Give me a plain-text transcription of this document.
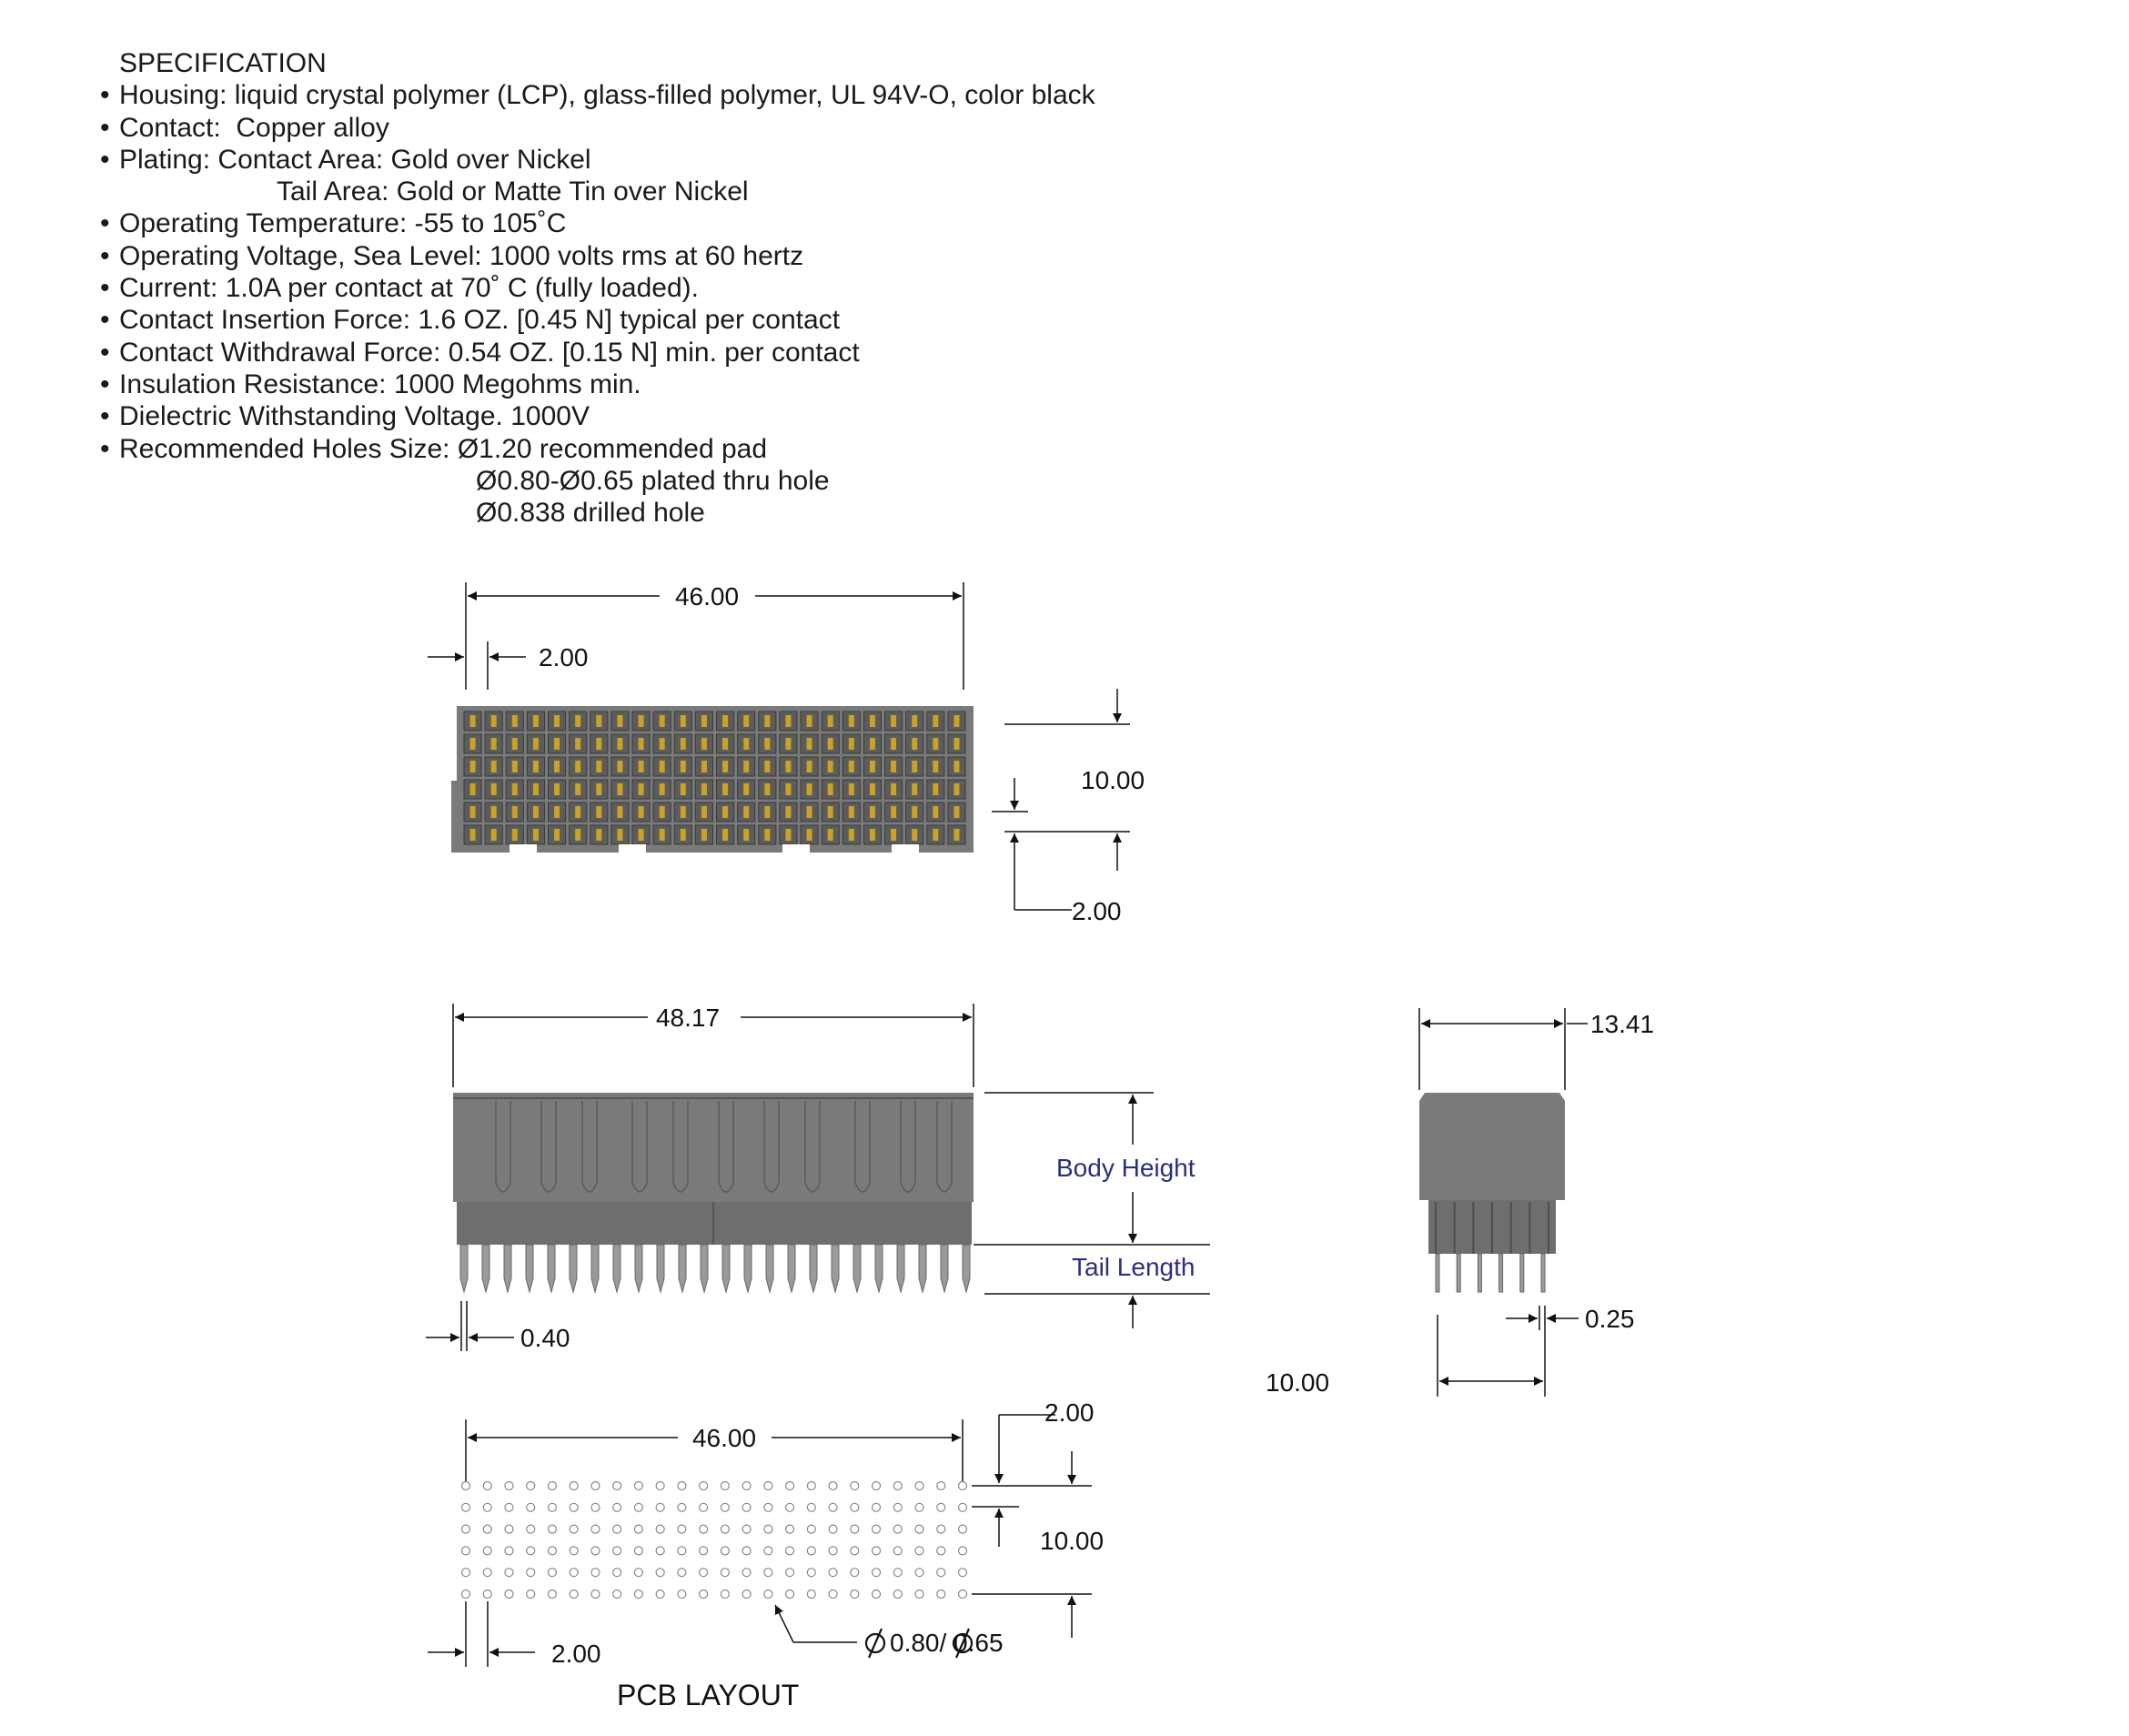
SPECIFICATION
• Housing: liquid crystal polymer (LCP), glass-filled polymer, UL 94V-O, color black
• Contact:  Copper alloy
• Plating: Contact Area: Gold over Nickel
Tail Area: Gold or Matte Tin over Nickel
• Operating Temperature: -55 to 105˚C
• Operating Voltage, Sea Level: 1000 volts rms at 60 hertz
• Current: 1.0A per contact at 70˚ C (fully loaded).
• Contact Insertion Force: 1.6 OZ. [0.45 N] typical per contact
• Contact Withdrawal Force: 0.54 OZ. [0.15 N] min. per contact
• Insulation Resistance: 1000 Megohms min.
• Dielectric Withstanding Voltage. 1000V
• Recommended Holes Size: Ø1.20 recommended pad
Ø0.80-Ø0.65 plated thru hole
Ø0.838 drilled hole
46.00
2.00
10.00
2.00
48.17
Body Height
Tail Length
0.40
13.41
0.25
10.00
46.00
2.00
10.00
2.00	0.80/ 0.65
PCB LAYOUT
